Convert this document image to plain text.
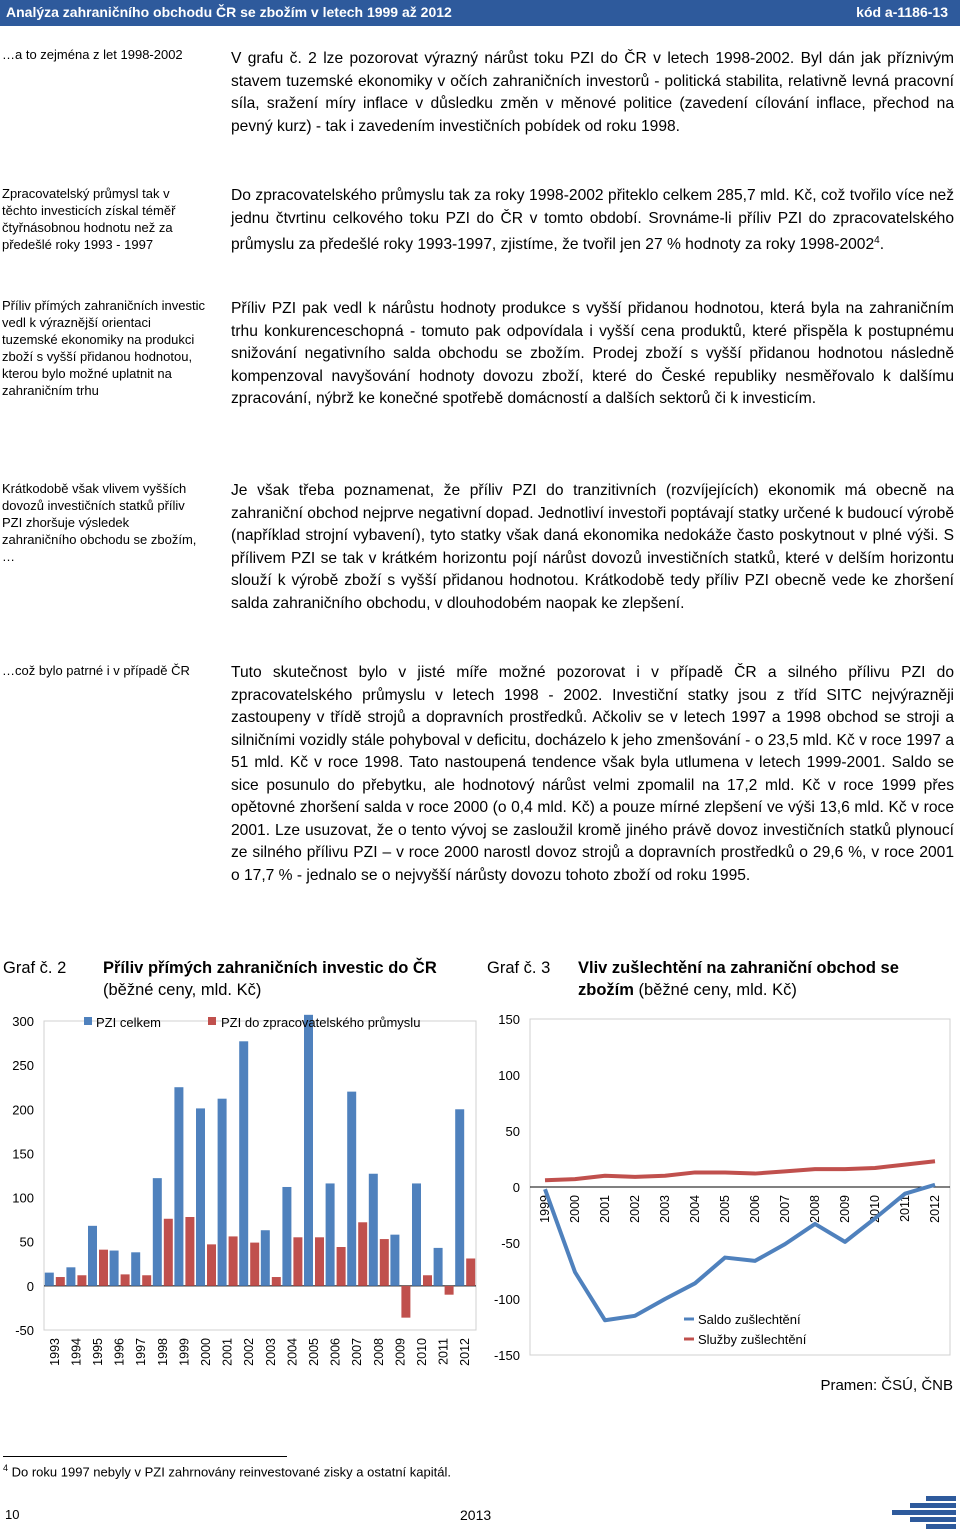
Analýza zahraničního obchodu ČR se zbožím v letech 1999 až 2012	kód a-1186-13
…a to zejména z let 1998-2002
Zpracovatelský průmysl tak v těchto investicích získal téměř čtyřnásobnou hodnotu než za předešlé roky 1993 - 1997
Příliv přímých zahraničních investic vedl k výraznější orientaci tuzemské ekonomiky na produkci zboží s vyšší přidanou hodnotou, kterou bylo možné uplatnit na zahraničním trhu
Krátkodobě však vlivem vyšších dovozů investičních statků příliv PZI zhoršuje výsledek zahraničního obchodu se zbožím, …
…což bylo patrné i v případě ČR
V grafu č. 2 lze pozorovat výrazný nárůst toku PZI do ČR v letech 1998-2002. Byl dán jak příznivým stavem tuzemské ekonomiky v očích zahraničních investorů - politická stabilita, relativně levná pracovní síla, sražení míry inflace v důsledku změn v měnové politice (zavedení cílování inflace, přechod na pevný kurz) - tak i zavedením investičních pobídek od roku 1998.
Do zpracovatelského průmyslu tak za roky 1998-2002 přiteklo celkem 285,7 mld. Kč, což tvořilo více než jednu čtvrtinu celkového toku PZI do ČR v tomto období. Srovnáme-li příliv PZI do zpracovatelského průmyslu za předešlé roky 1993-1997, zjistíme, že tvořil jen 27 % hodnoty za roky 1998-2002$^4$.
Příliv PZI pak vedl k nárůstu hodnoty produkce s vyšší přidanou hodnotou, která byla na zahraničním trhu konkurenceschopná - tomuto pak odpovídala i vyšší cena produktů, které přispěla k postupnému snižování negativního salda obchodu se zbožím. Prodej zboží s vyšší přidanou hodnotou následně kompenzoval navyšování hodnoty dovozu zboží, které do České republiky nesměřovalo k dalšímu zpracování, nýbrž ke konečné spotřebě domácností a dalších sektorů či k investicím.
Je však třeba poznamenat, že příliv PZI do tranzitivních (rozvíjejících) ekonomik má obecně na zahraniční obchod nejprve negativní dopad. Jednotliví investoři poptávají statky určené k budoucí výrobě (například strojní vybavení), tyto statky však daná ekonomika nedokáže často poskytnout v plné výši. S přílivem PZI se tak v krátkém horizontu pojí nárůst dovozů investičních statků, které v delším horizontu slouží k výrobě zboží s vyšší přidanou hodnotou. Krátkodobě tedy příliv PZI obecně vede ke zhoršení salda zahraničního obchodu, v dlouhodobém naopak ke zlepšení.
Tuto skutečnost bylo v jisté míře možné pozorovat i v případě ČR a silného přílivu PZI do zpracovatelského průmyslu v letech 1998 - 2002. Investiční statky jsou z tříd SITC nejvýrazněji zastoupeny v třídě strojů a dopravních prostředků. Ačkoliv se v letech 1997 a 1998 obchod se stroji a silničními vozidly stále pohyboval v deficitu, docházelo k jeho zmenšování - o 23,5 mld. Kč v roce 1997 a 51 mld. Kč v roce 1998. Tato nastoupená tendence však byla utlumena v letech 1999-2001. Saldo se sice posunulo do přebytku, ale hodnotový nárůst velmi zpomalil na 17,2 mld. Kč v roce 1999 přes opětovné zhoršení salda v roce 2000 (o 0,4 mld. Kč) a pouze mírné zlepšení ve výši 13,6 mld. Kč v roce 2001. Lze usuzovat, že o tento vývoj se zasloužil kromě jiného právě dovoz investičních statků plynoucí ze silného přílivu PZI – v roce 2000 narostl dovoz strojů a dopravních prostředků o 29,6 %, v roce 2001 o 17,7 % - jednalo se o nejvyšší nárůsty dovozu tohoto zboží od roku 1995.
Graf č. 2 Příliv přímých zahraničních investic do ČR (běžné ceny, mld. Kč)
Graf č. 3 Vliv zušlechtění na zahraniční obchod se zbožím (běžné ceny, mld. Kč)
-50
0
50
100
150
200
250
300
1993 1994 1995 1996 1997 1998 1999 2000 2001 2002 2003 2004 2005 2006 2007 2008 2009 2010 2011 2012
PZI celkem	PZI do zpracovatelského průmyslu
-150
-100
-50
0
50
100
150
1999 2000 2001 2002 2003 2004 2005 2006 2007 2008 2009 2010 2011 2012
Saldo zušlechtění
Služby zušlechtění
Pramen: ČSÚ, ČNB
$^4$ Do roku 1997 nebyly v PZI zahrnovány reinvestované zisky a ostatní kapitál.
10	2013
